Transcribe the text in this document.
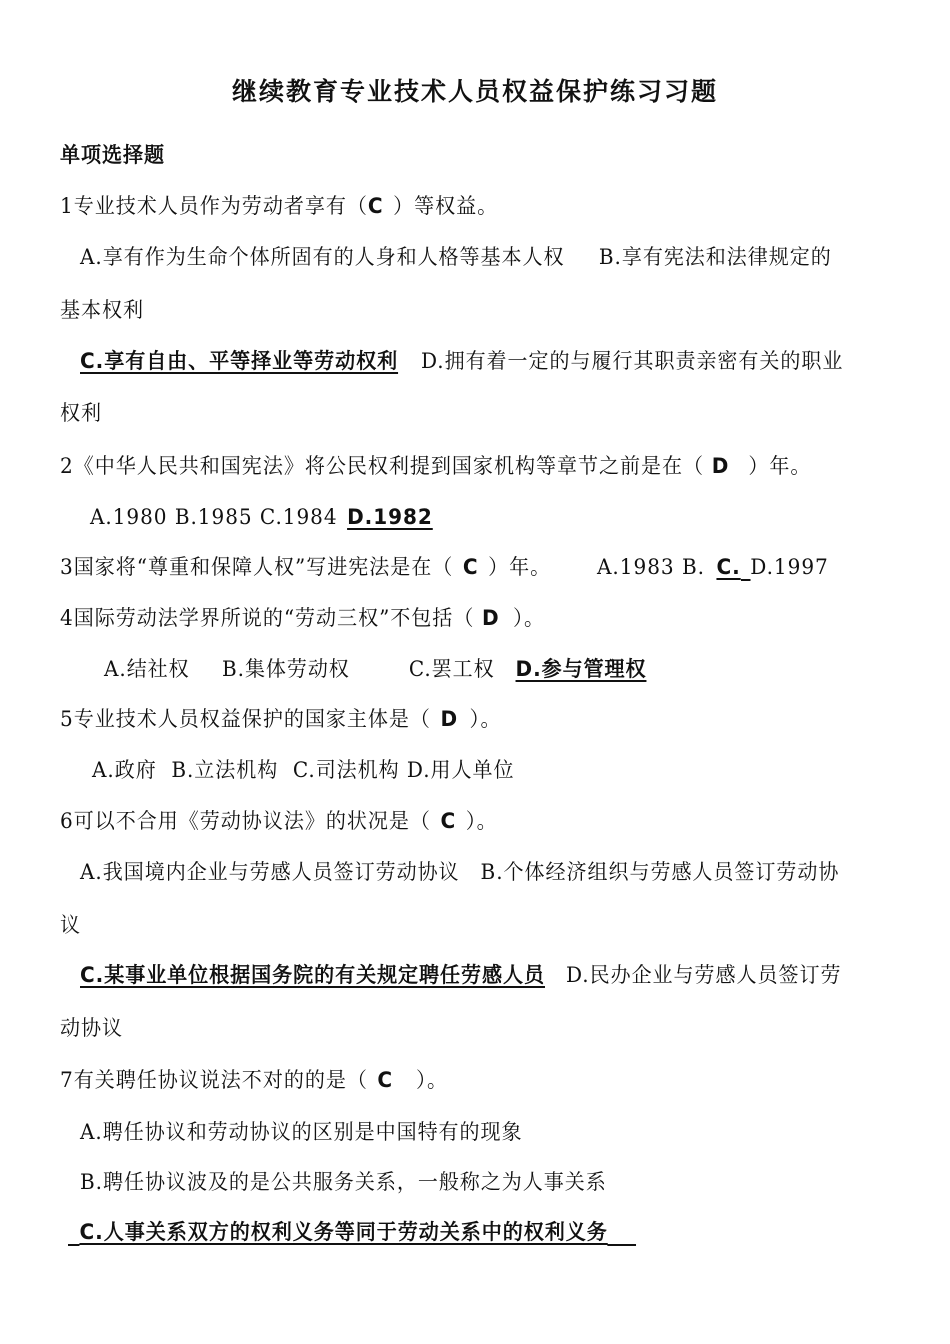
继续教育专业技术人员权益保护练习习题
单项选择题
1专业技术人员作为劳动者享有（C ）等权益。
A.享有作为生命个体所固有的人身和人格等基本人权 B.享有宪法和法律规定的
基本权利
C.享有自由、平等择业等劳动权利 D.拥有着一定的与履行其职责亲密有关的职业
权利
2《中华人民共和国宪法》将公民权利提到国家机构等章节之前是在（ D ）年。
A.1980 B.1985 C.1984 D.1982
3国家将“尊重和保障人权”写进宪法是在（ C ）年。 A.1983 B. C. D.1997
4国际劳动法学界所说的“劳动三权”不包括（ D ）。
A.结社权 B.集体劳动权	C.罢工权 D.参与管理权
5专业技术人员权益保护的国家主体是（ D ）。
A.政府  B.立法机构  C.司法机构 D.用人单位
6可以不合用《劳动协议法》的状况是（ C ）。
A.我国境内企业与劳感人员签订劳动协议 B.个体经济组织与劳感人员签订劳动协
议
C.某事业单位根据国务院的有关规定聘任劳感人员 D.民办企业与劳感人员签订劳
动协议
7有关聘任协议说法不对的的是（ C ）。
A.聘任协议和劳动协议的区别是中国特有的现象
B.聘任协议波及的是公共服务关系，一般称之为人事关系
C.人事关系双方的权利义务等同于劳动关系中的权利义务
